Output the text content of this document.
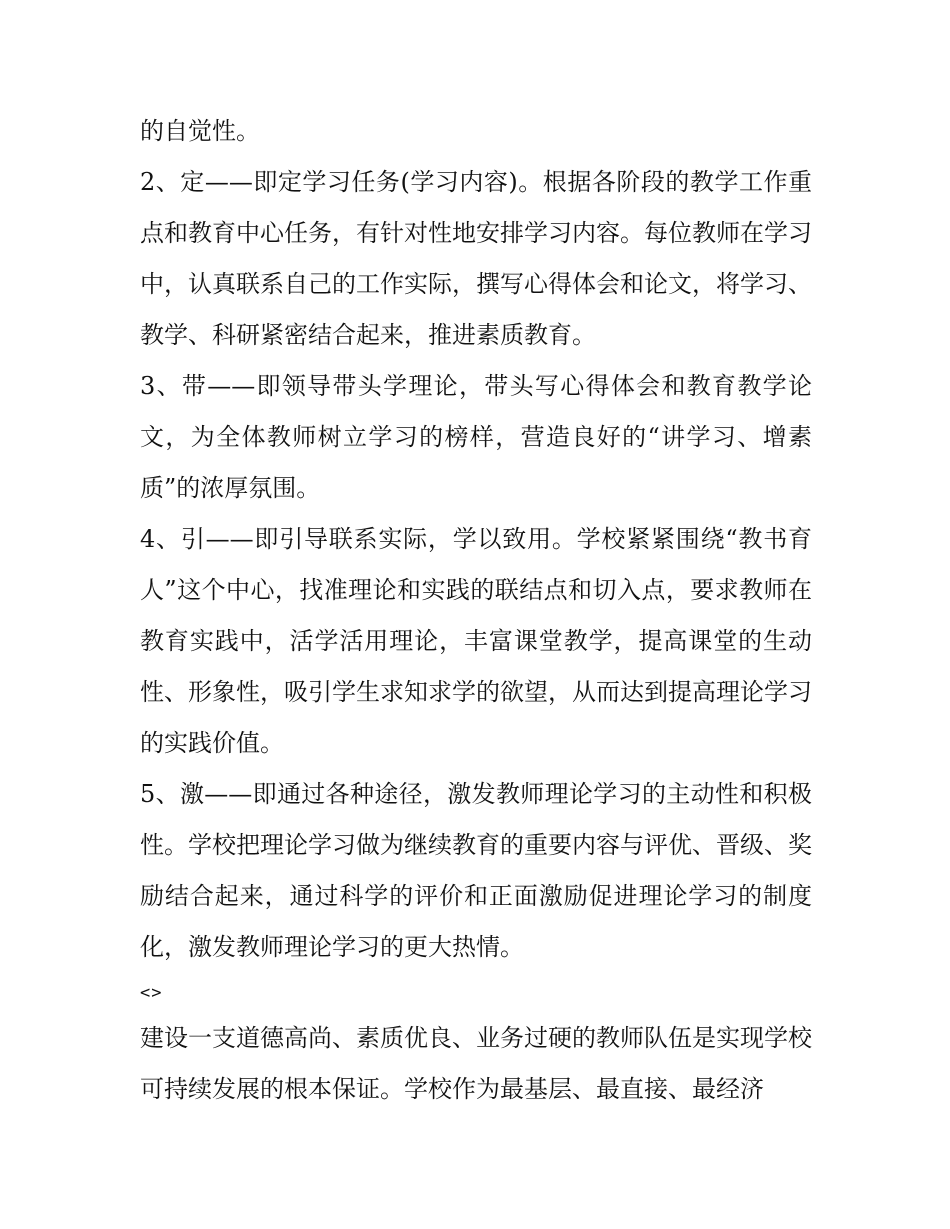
的自觉性。

2、定——即定学习任务(学习内容)。根据各阶段的教学工作重点和教育中心任务，有针对性地安排学习内容。每位教师在学习中，认真联系自己的工作实际，撰写心得体会和论文，将学习、教学、科研紧密结合起来，推进素质教育。

3、带——即领导带头学理论，带头写心得体会和教育教学论文，为全体教师树立学习的榜样，营造良好的“讲学习、增素质”的浓厚氛围。

4、引——即引导联系实际，学以致用。学校紧紧围绕“教书育人”这个中心，找准理论和实践的联结点和切入点，要求教师在教育实践中，活学活用理论，丰富课堂教学，提高课堂的生动性、形象性，吸引学生求知求学的欲望，从而达到提高理论学习的实践价值。

5、激——即通过各种途径，激发教师理论学习的主动性和积极性。学校把理论学习做为继续教育的重要内容与评优、晋级、奖励结合起来，通过科学的评价和正面激励促进理论学习的制度化，激发教师理论学习的更大热情。

<>

建设一支道德高尚、素质优良、业务过硬的教师队伍是实现学校可持续发展的根本保证。学校作为最基层、最直接、最经济
